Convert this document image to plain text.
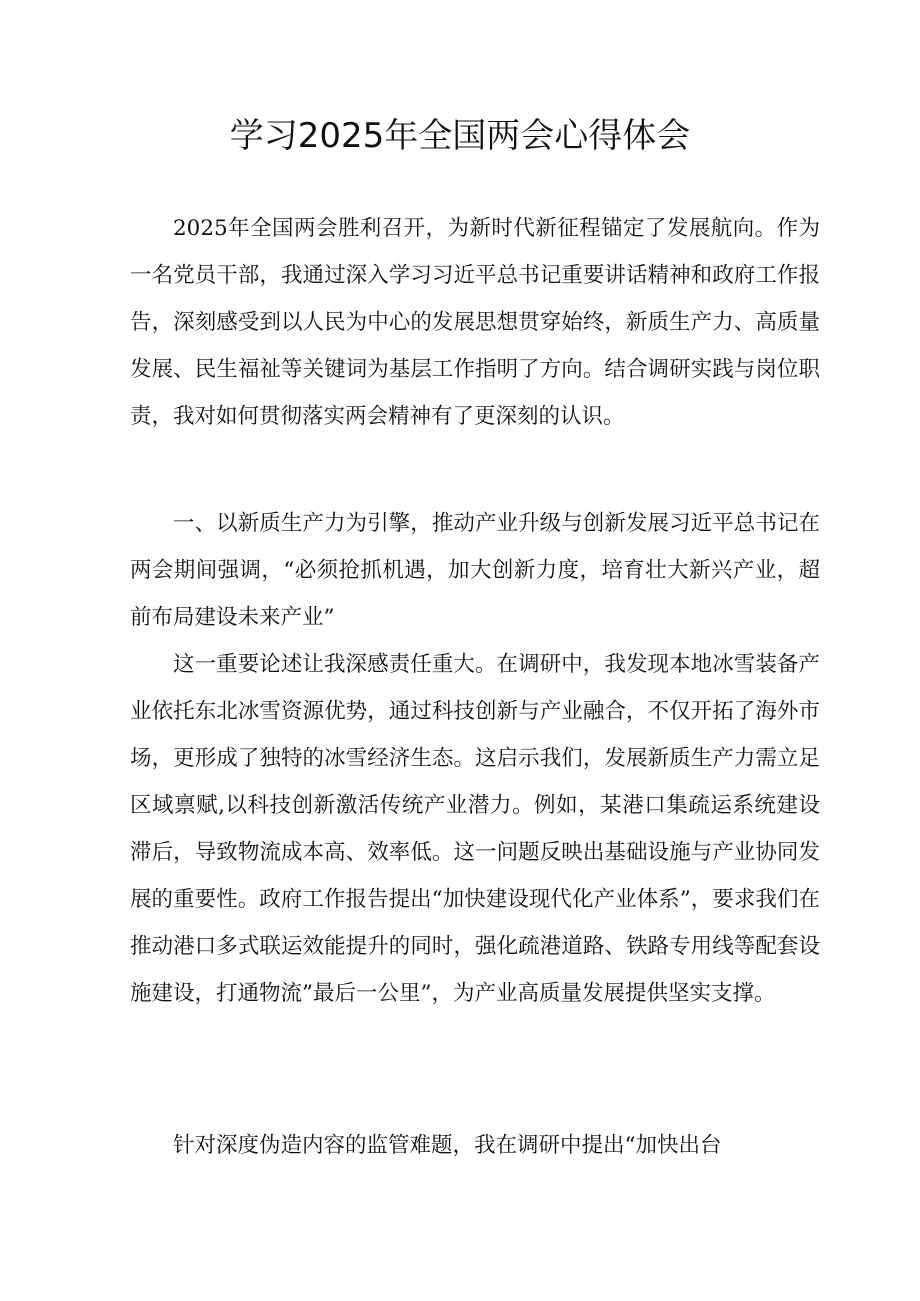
学习2025年全国两会心得体会

2025年全国两会胜利召开，为新时代新征程锚定了发展航向。作为一名党员干部，我通过深入学习习近平总书记重要讲话精神和政府工作报告，深刻感受到以人民为中心的发展思想贯穿始终，新质生产力、高质量发展、民生福祉等关键词为基层工作指明了方向。结合调研实践与岗位职责，我对如何贯彻落实两会精神有了更深刻的认识。

一、以新质生产力为引擎，推动产业升级与创新发展习近平总书记在两会期间强调，“必须抢抓机遇，加大创新力度，培育壮大新兴产业，超前布局建设未来产业”

这一重要论述让我深感责任重大。在调研中，我发现本地冰雪装备产业依托东北冰雪资源优势，通过科技创新与产业融合，不仅开拓了海外市场，更形成了独特的冰雪经济生态。这启示我们，发展新质生产力需立足区域禀赋,以科技创新激活传统产业潜力。例如，某港口集疏运系统建设滞后，导致物流成本高、效率低。这一问题反映出基础设施与产业协同发展的重要性。政府工作报告提出“加快建设现代化产业体系”，要求我们在推动港口多式联运效能提升的同时，强化疏港道路、铁路专用线等配套设施建设，打通物流”最后一公里”，为产业高质量发展提供坚实支撑。

针对深度伪造内容的监管难题，我在调研中提出“加快出台
